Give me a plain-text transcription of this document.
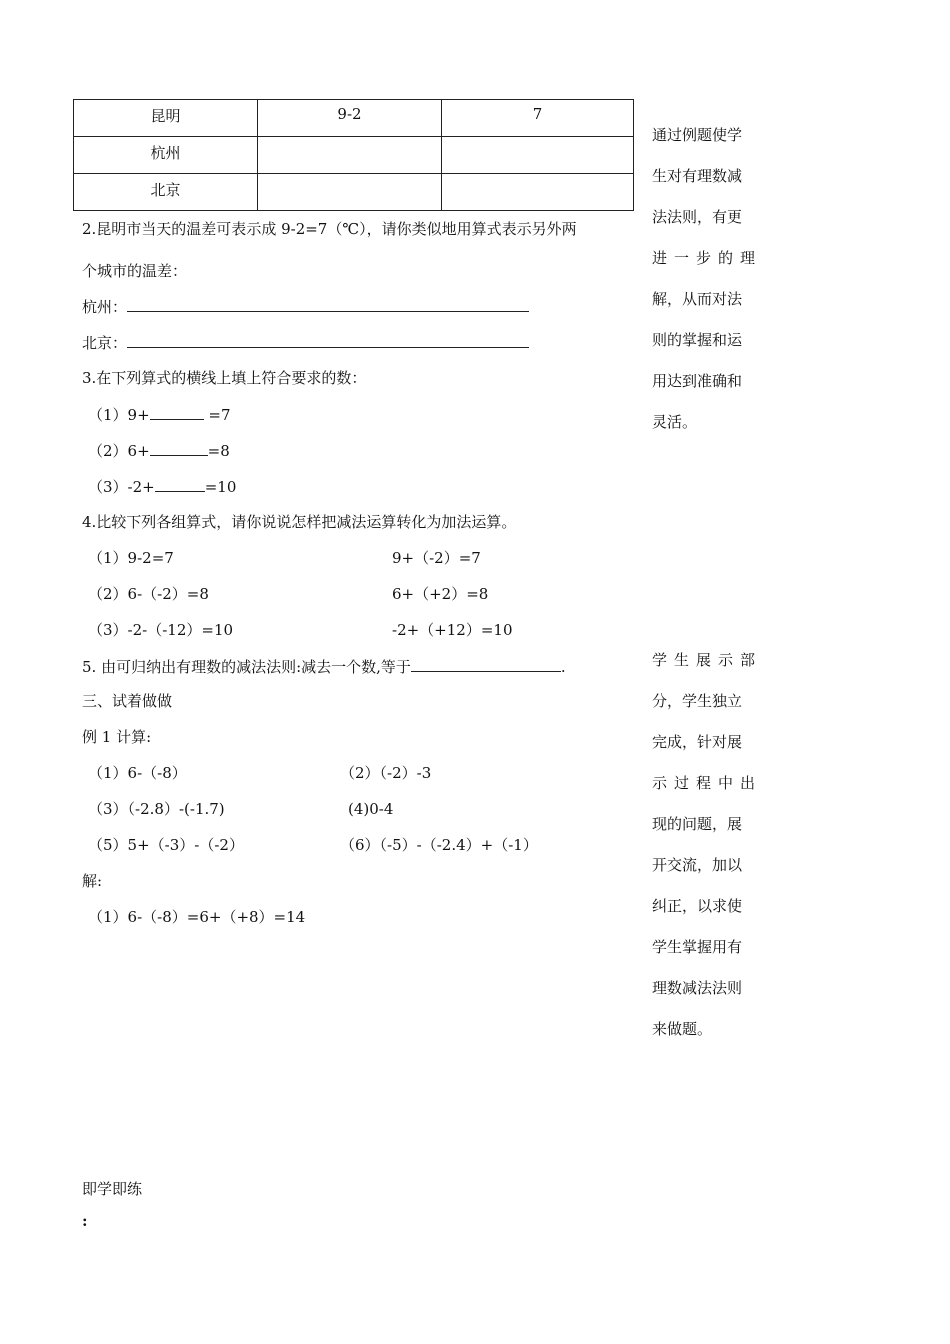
昆明	9-2	7
杭州		
北京		
2.昆明市当天的温差可表示成 9-2=7（℃），请你类似地用算式表示另外两
个城市的温差：
杭州：
北京：
3.在下列算式的横线上填上符合要求的数：
（1）9+	=7
（2）6+	=8
（3）-2+	=10
4.比较下列各组算式，请你说说怎样把减法运算转化为加法运算。
（1）9-2=7	9+（-2）=7
（2）6-（-2）=8	6+（+2）=8
（3）-2-（-12）=10	-2+（+12）=10
5. 由可归纳出有理数的减法法则:减去一个数,等于	.
三、试着做做
例 1 计算:
（1）6-（-8）	（2）（-2）-3
（3）（-2.8）-(-1.7)	(4)0-4
（5）5+（-3）-（-2）	（6）（-5）-（-2.4）+（-1）
解:
（1）6-（-8）=6+（+8）=14
即学即练
:
通过例题使学
生对有理数减
法法则，有更
进一步的理
解，从而对法
则的掌握和运
用达到准确和
灵活。
学生展示部
分，学生独立
完成，针对展
示过程中出
现的问题，展
开交流，加以
纠正，以求使
学生掌握用有
理数减法法则
来做题。
